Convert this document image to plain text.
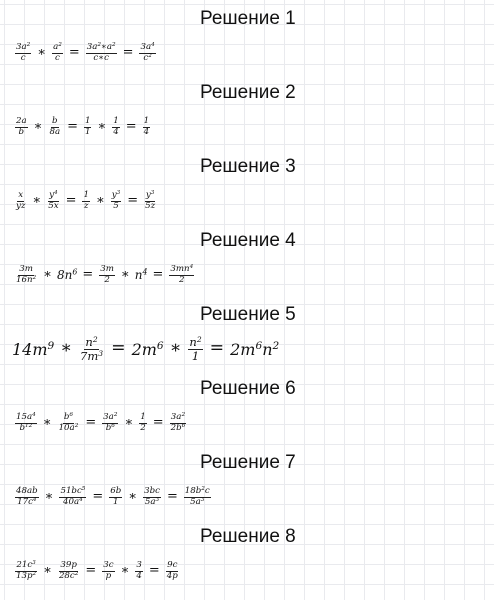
Решение 1
$\frac{3a^2}{c}$ ∗ $\frac{a^2}{c} = \frac{3a^2∗a^2}{c∗c} = \frac{3a^4}{c^2}$
Решение 2
$\frac{2a}{b}$ ∗ $\frac{b}{8a} = \frac{1}{1}$ ∗ $\frac{1}{4} = \frac{1}{4}$
Решение 3
$\frac{x}{yz}$ ∗ $\frac{y^4}{5x} = \frac{1}{z}$ ∗ $\frac{y^3}{5} = \frac{y^3}{5z}$
Решение 4
$\frac{3m}{16n^2}$ ∗ $8n^6 = \frac{3m}{2}$ ∗ $n^4 = \frac{3mn^4}{2}$
Решение 5
$14m^9$ ∗ $\frac{n^2}{7m^3} = 2m^6$ ∗ $\frac{n^2}{1} = 2m^6n^2$
Решение 6
$\frac{15a^4}{b^{12}}$ ∗ $\frac{b^6}{10a^2} = \frac{3a^2}{b^6}$ ∗ $\frac{1}{2} = \frac{3a^2}{2b^6}$
Решение 7
$\frac{48ab}{17c^4}$ ∗ $\frac{51bc^5}{40a^4} = \frac{6b}{1}$ ∗ $\frac{3bc}{5a^3} = \frac{18b^2c}{5a^3}$
Решение 8
$\frac{21c^3}{13p^2}$ ∗ $\frac{39p}{28c^2} = \frac{3c}{p}$ ∗ $\frac{3}{4} = \frac{9c}{4p}$
